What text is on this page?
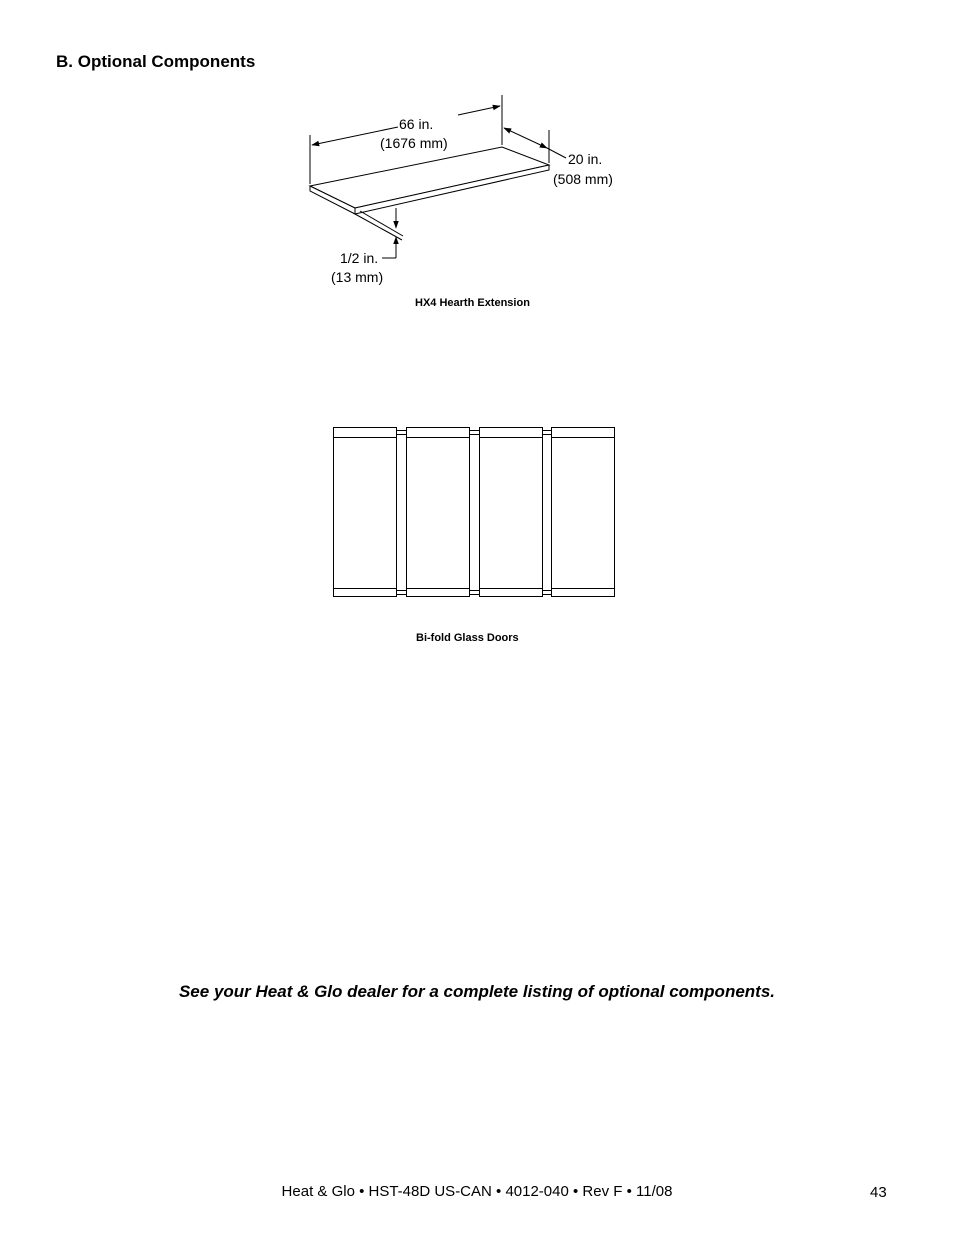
B. Optional Components
66 in.
(1676 mm)
20 in.
(508 mm)
1/2 in.
(13 mm)
HX4 Hearth Extension
Bi-fold Glass Doors
See your Heat & Glo dealer for a complete listing of optional components.
Heat & Glo • HST-48D US-CAN • 4012-040 • Rev F • 11/08	43
